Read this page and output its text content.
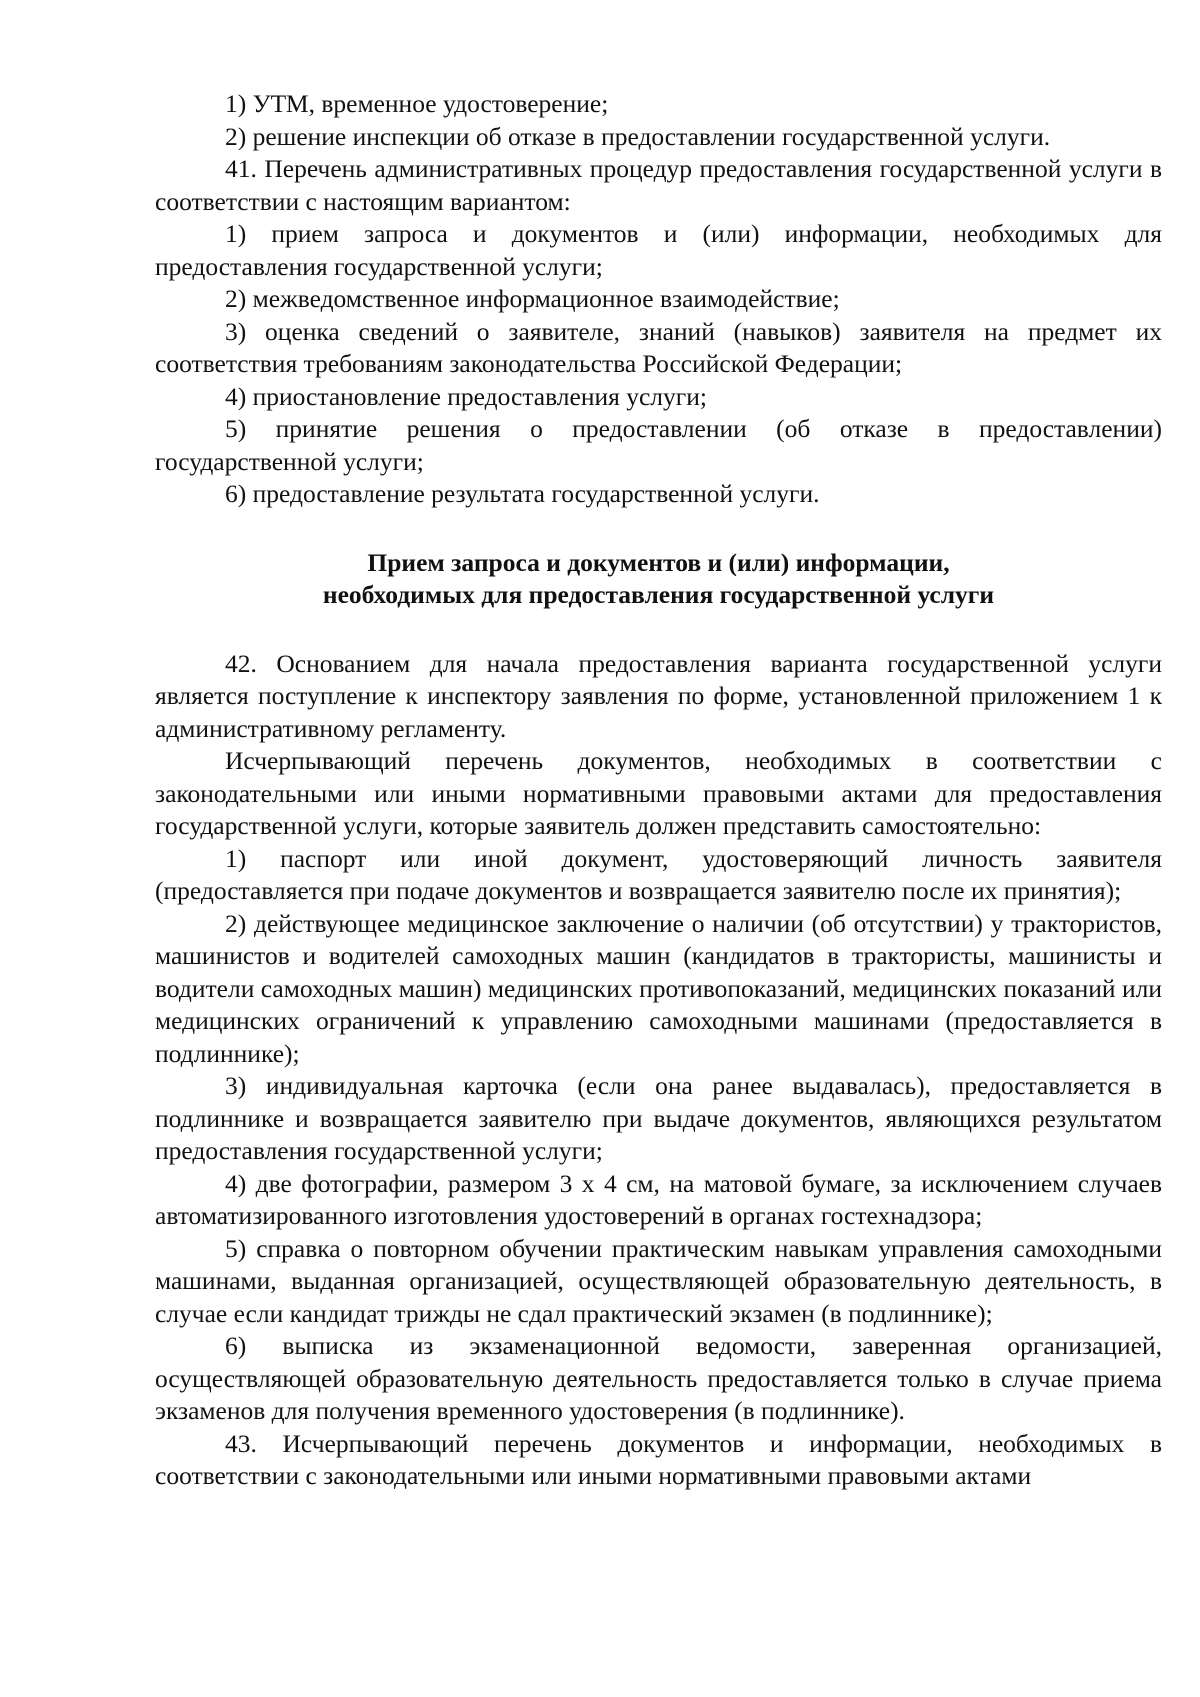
1) УТМ, временное удостоверение;

2) решение инспекции об отказе в предоставлении государственной услуги.

41. Перечень административных процедур предоставления государственной услуги в соответствии с настоящим вариантом:

1) прием запроса и документов и (или) информации, необходимых для предоставления государственной услуги;

2) межведомственное информационное взаимодействие;

3) оценка сведений о заявителе, знаний (навыков) заявителя на предмет их соответствия требованиям законодательства Российской Федерации;

4) приостановление предоставления услуги;

5) принятие решения о предоставлении (об отказе в предоставлении) государственной услуги;

6) предоставление результата государственной услуги.

Прием запроса и документов и (или) информации,
необходимых для предоставления государственной услуги

42. Основанием для начала предоставления варианта государственной услуги является поступление к инспектору заявления по форме, установленной приложением 1 к административному регламенту.

Исчерпывающий перечень документов, необходимых в соответствии с законодательными или иными нормативными правовыми актами для предоставления государственной услуги, которые заявитель должен представить самостоятельно:

1) паспорт или иной документ, удостоверяющий личность заявителя (предоставляется при подаче документов и возвращается заявителю после их принятия);

2) действующее медицинское заключение о наличии (об отсутствии) у трактористов, машинистов и водителей самоходных машин (кандидатов в трактористы, машинисты и водители самоходных машин) медицинских противопоказаний, медицинских показаний или медицинских ограничений к управлению самоходными машинами (предоставляется в подлиннике);

3) индивидуальная карточка (если она ранее выдавалась), предоставляется в подлиннике и возвращается заявителю при выдаче документов, являющихся результатом предоставления государственной услуги;

4) две фотографии, размером 3 х 4 см, на матовой бумаге, за исключением случаев автоматизированного изготовления удостоверений в органах гостехнадзора;

5) справка о повторном обучении практическим навыкам управления самоходными машинами, выданная организацией, осуществляющей образовательную деятельность, в случае если кандидат трижды не сдал практический экзамен (в подлиннике);

6) выписка из экзаменационной ведомости, заверенная организацией, осуществляющей образовательную деятельность предоставляется только в случае приема экзаменов для получения временного удостоверения (в подлиннике).

43. Исчерпывающий перечень документов и информации, необходимых в соответствии с законодательными или иными нормативными правовыми актами
